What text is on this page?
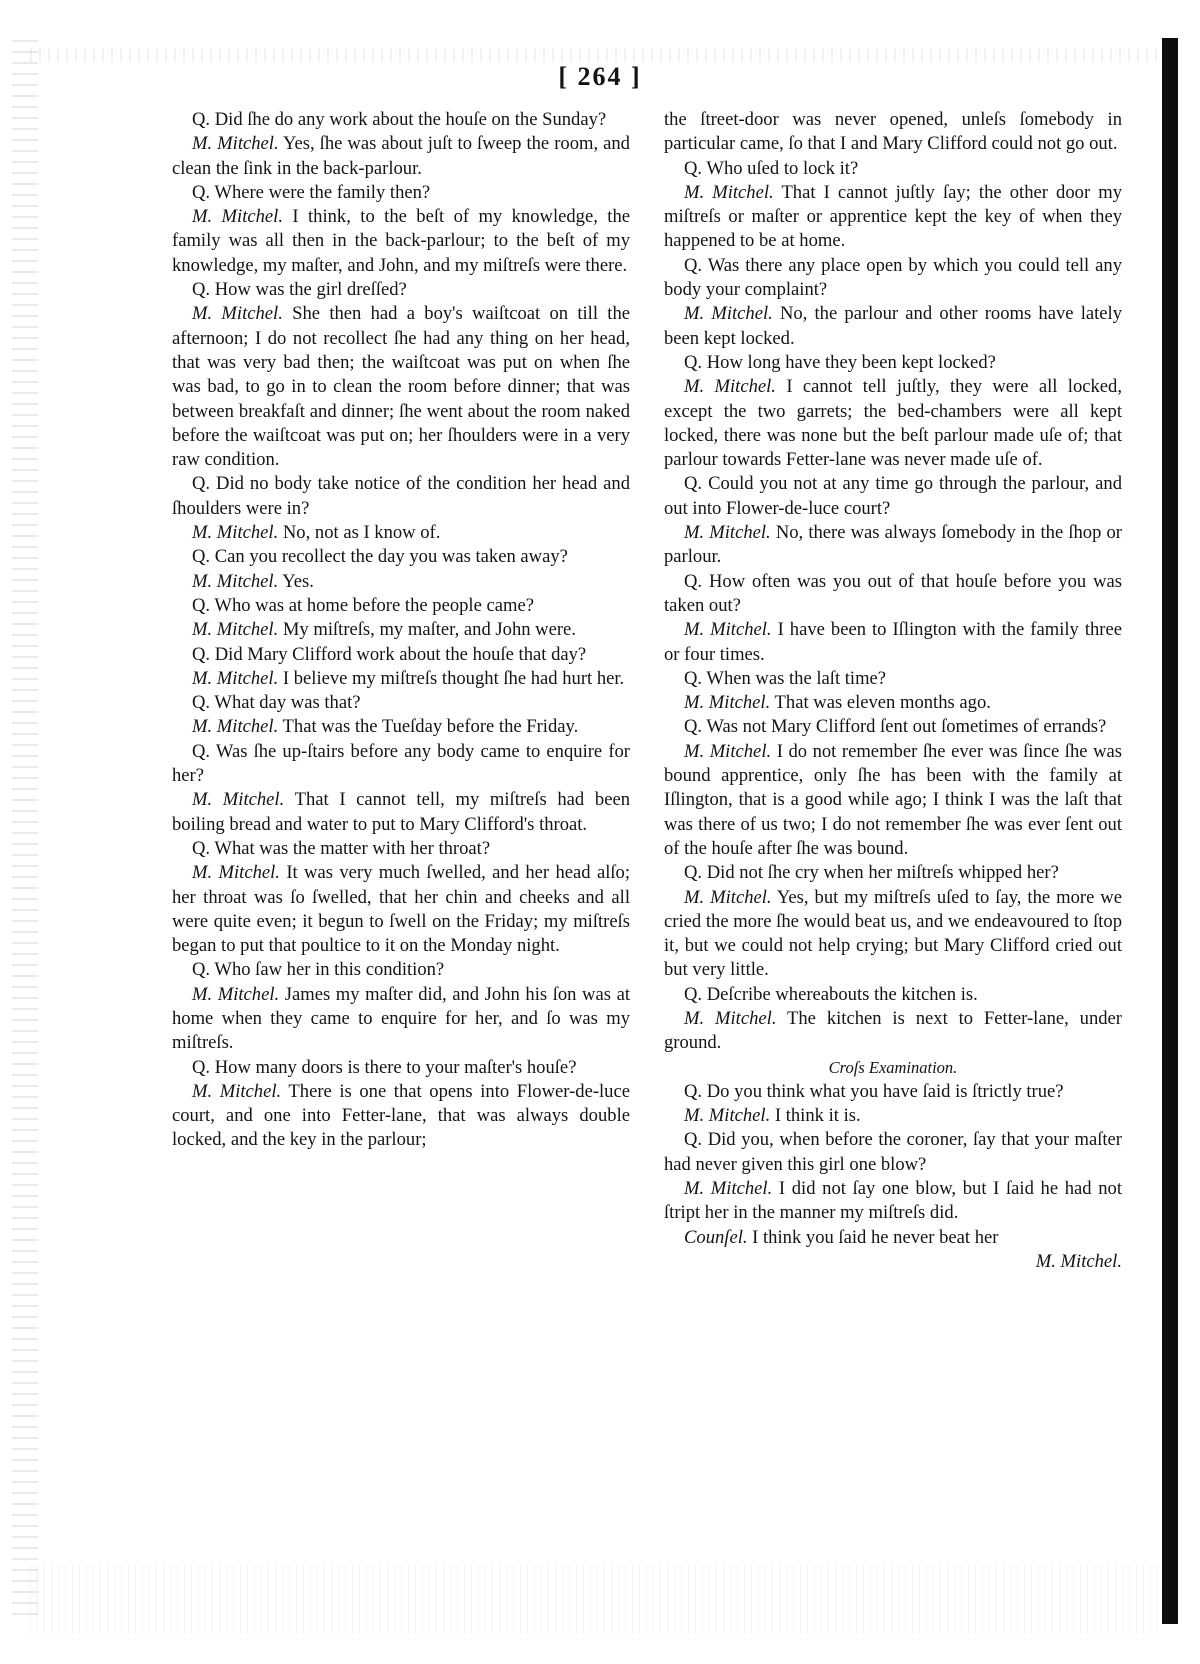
[ 264 ]

Q. Did ſhe do any work about the houſe on the Sunday?

M. Mitchel. Yes, ſhe was about juſt to ſweep the room, and clean the ſink in the back-parlour.

Q. Where were the family then?

M. Mitchel. I think, to the beſt of my knowledge, the family was all then in the back-parlour; to the beſt of my knowledge, my maſter, and John, and my miſtreſs were there.

Q. How was the girl dreſſed?

M. Mitchel. She then had a boy's waiſtcoat on till the afternoon; I do not recollect ſhe had any thing on her head, that was very bad then; the waiſtcoat was put on when ſhe was bad, to go in to clean the room before dinner; that was between breakfaſt and dinner; ſhe went about the room naked before the waiſtcoat was put on; her ſhoulders were in a very raw condition.

Q. Did no body take notice of the condition her head and ſhoulders were in?

M. Mitchel. No, not as I know of.

Q. Can you recollect the day you was taken away?

M. Mitchel. Yes.

Q. Who was at home before the people came?

M. Mitchel. My miſtreſs, my maſter, and John were.

Q. Did Mary Clifford work about the houſe that day?

M. Mitchel. I believe my miſtreſs thought ſhe had hurt her.

Q. What day was that?

M. Mitchel. That was the Tueſday before the Friday.

Q. Was ſhe up-ſtairs before any body came to enquire for her?

M. Mitchel. That I cannot tell, my miſtreſs had been boiling bread and water to put to Mary Clifford's throat.

Q. What was the matter with her throat?

M. Mitchel. It was very much ſwelled, and her head alſo; her throat was ſo ſwelled, that her chin and cheeks and all were quite even; it begun to ſwell on the Friday; my miſtreſs began to put that poultice to it on the Monday night.

Q. Who ſaw her in this condition?

M. Mitchel. James my maſter did, and John his ſon was at home when they came to enquire for her, and ſo was my miſtreſs.

Q. How many doors is there to your maſter's houſe?

M. Mitchel. There is one that opens into Flower-de-luce court, and one into Fetter-lane, that was always double locked, and the key in the parlour;

the ſtreet-door was never opened, unleſs ſomebody in particular came, ſo that I and Mary Clifford could not go out.

Q. Who uſed to lock it?

M. Mitchel. That I cannot juſtly ſay; the other door my miſtreſs or maſter or apprentice kept the key of when they happened to be at home.

Q. Was there any place open by which you could tell any body your complaint?

M. Mitchel. No, the parlour and other rooms have lately been kept locked.

Q. How long have they been kept locked?

M. Mitchel. I cannot tell juſtly, they were all locked, except the two garrets; the bed-chambers were all kept locked, there was none but the beſt parlour made uſe of; that parlour towards Fetter-lane was never made uſe of.

Q. Could you not at any time go through the parlour, and out into Flower-de-luce court?

M. Mitchel. No, there was always ſomebody in the ſhop or parlour.

Q. How often was you out of that houſe before you was taken out?

M. Mitchel. I have been to Iſlington with the family three or four times.

Q. When was the laſt time?

M. Mitchel. That was eleven months ago.

Q. Was not Mary Clifford ſent out ſometimes of errands?

M. Mitchel. I do not remember ſhe ever was ſince ſhe was bound apprentice, only ſhe has been with the family at Iſlington, that is a good while ago; I think I was the laſt that was there of us two; I do not remember ſhe was ever ſent out of the houſe after ſhe was bound.

Q. Did not ſhe cry when her miſtreſs whipped her?

M. Mitchel. Yes, but my miſtreſs uſed to ſay, the more we cried the more ſhe would beat us, and we endeavoured to ſtop it, but we could not help crying; but Mary Clifford cried out but very little.

Q. Deſcribe whereabouts the kitchen is.

M. Mitchel. The kitchen is next to Fetter-lane, under ground.

Croſs Examination.

Q. Do you think what you have ſaid is ſtrictly true?

M. Mitchel. I think it is.

Q. Did you, when before the coroner, ſay that your maſter had never given this girl one blow?

M. Mitchel. I did not ſay one blow, but I ſaid he had not ſtript her in the manner my miſtreſs did.

Counſel. I think you ſaid he never beat her

M. Mitchel.
